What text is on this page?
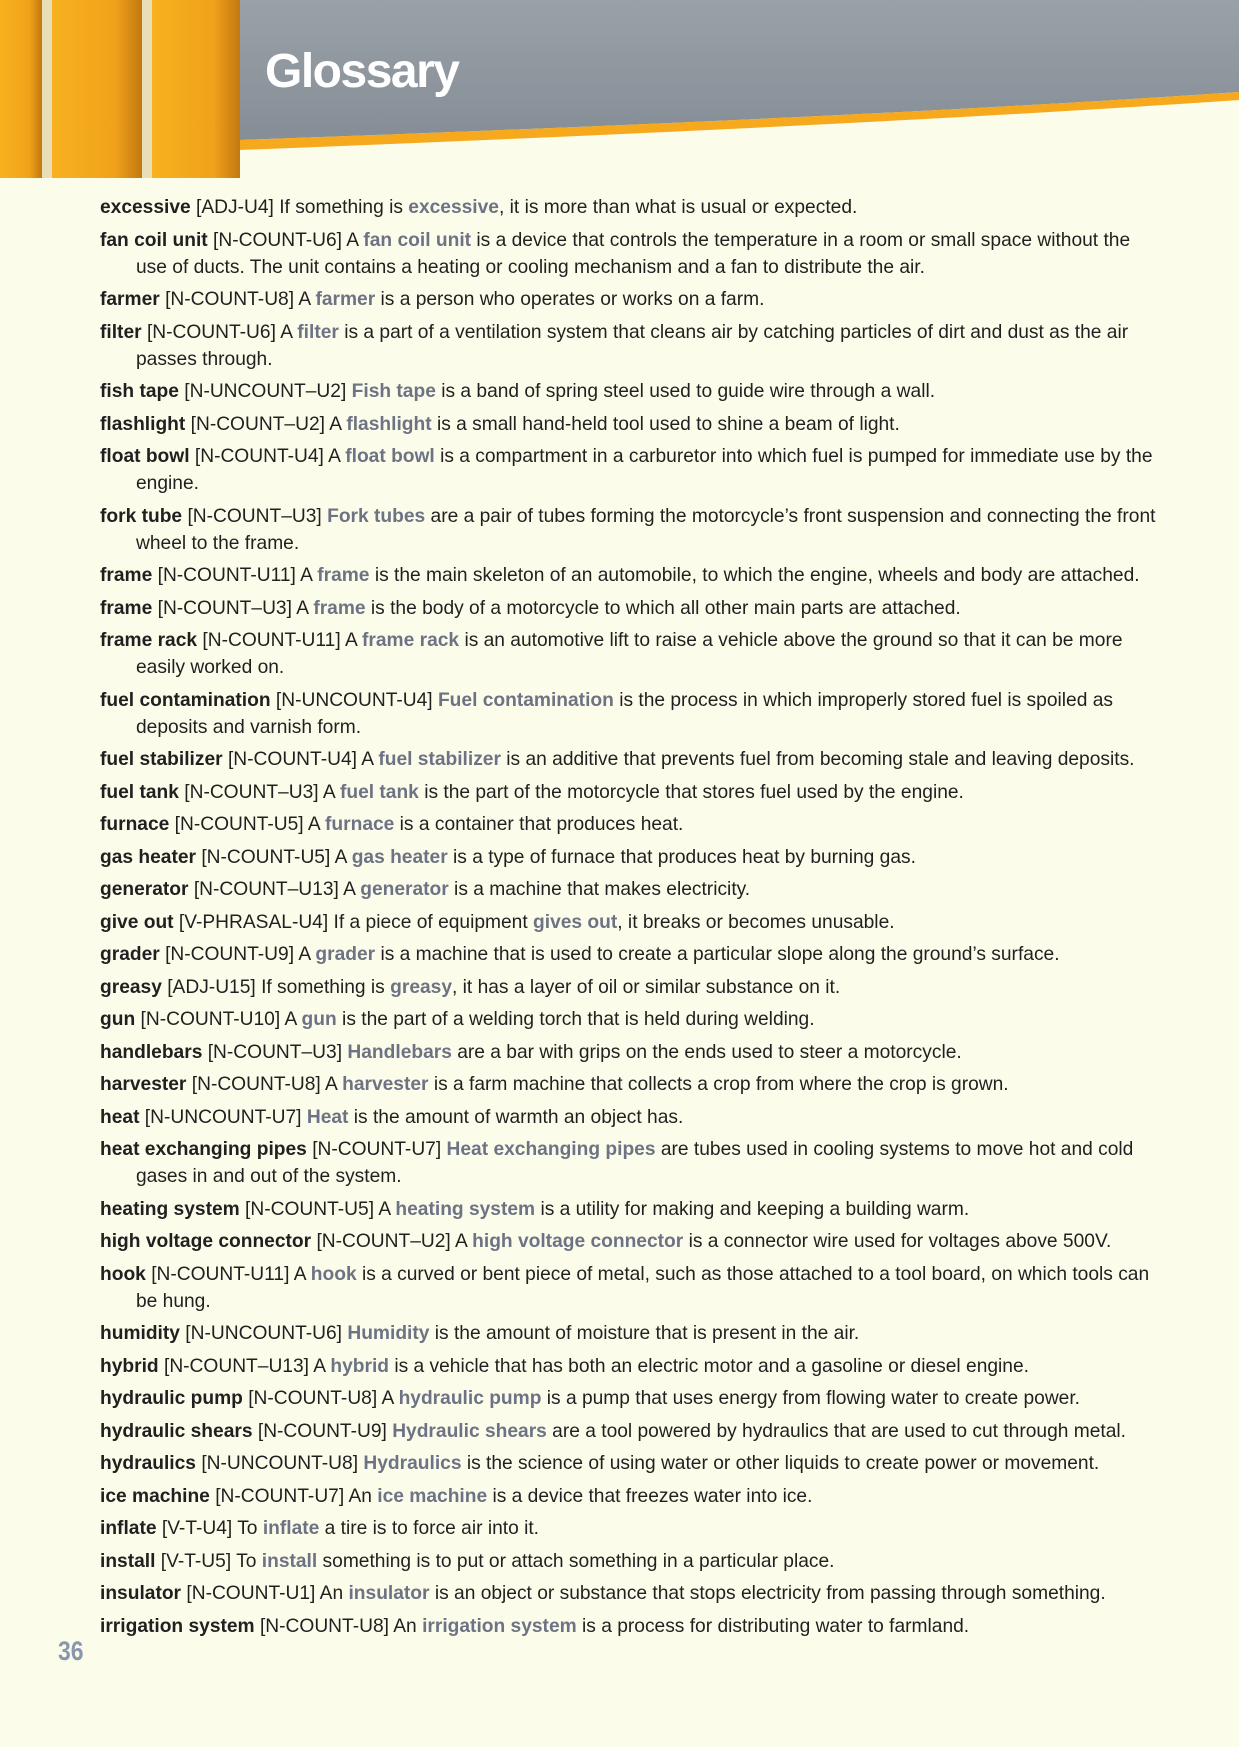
Glossary

excessive [ADJ-U4] If something is excessive, it is more than what is usual or expected.

fan coil unit [N-COUNT-U6] A fan coil unit is a device that controls the temperature in a room or small space without the use of ducts. The unit contains a heating or cooling mechanism and a fan to distribute the air.

farmer [N-COUNT-U8] A farmer is a person who operates or works on a farm.

filter [N-COUNT-U6] A filter is a part of a ventilation system that cleans air by catching particles of dirt and dust as the air passes through.

fish tape [N-UNCOUNT–U2] Fish tape is a band of spring steel used to guide wire through a wall.

flashlight [N-COUNT–U2] A flashlight is a small hand-held tool used to shine a beam of light.

float bowl [N-COUNT-U4] A float bowl is a compartment in a carburetor into which fuel is pumped for immediate use by the engine.

fork tube [N-COUNT–U3] Fork tubes are a pair of tubes forming the motorcycle’s front suspension and connecting the front wheel to the frame.

frame [N-COUNT-U11] A frame is the main skeleton of an automobile, to which the engine, wheels and body are attached.

frame [N-COUNT–U3] A frame is the body of a motorcycle to which all other main parts are attached.

frame rack [N-COUNT-U11] A frame rack is an automotive lift to raise a vehicle above the ground so that it can be more easily worked on.

fuel contamination [N-UNCOUNT-U4] Fuel contamination is the process in which improperly stored fuel is spoiled as deposits and varnish form.

fuel stabilizer [N-COUNT-U4] A fuel stabilizer is an additive that prevents fuel from becoming stale and leaving deposits.

fuel tank [N-COUNT–U3] A fuel tank is the part of the motorcycle that stores fuel used by the engine.

furnace [N-COUNT-U5] A furnace is a container that produces heat.

gas heater [N-COUNT-U5] A gas heater is a type of furnace that produces heat by burning gas.

generator [N-COUNT–U13] A generator is a machine that makes electricity.

give out [V-PHRASAL-U4] If a piece of equipment gives out, it breaks or becomes unusable.

grader [N-COUNT-U9] A grader is a machine that is used to create a particular slope along the ground’s surface.

greasy [ADJ-U15] If something is greasy, it has a layer of oil or similar substance on it.

gun [N-COUNT-U10] A gun is the part of a welding torch that is held during welding.

handlebars [N-COUNT–U3] Handlebars are a bar with grips on the ends used to steer a motorcycle.

harvester [N-COUNT-U8] A harvester is a farm machine that collects a crop from where the crop is grown.

heat [N-UNCOUNT-U7] Heat is the amount of warmth an object has.

heat exchanging pipes [N-COUNT-U7] Heat exchanging pipes are tubes used in cooling systems to move hot and cold gases in and out of the system.

heating system [N-COUNT-U5] A heating system is a utility for making and keeping a building warm.

high voltage connector [N-COUNT–U2] A high voltage connector is a connector wire used for voltages above 500V.

hook [N-COUNT-U11] A hook is a curved or bent piece of metal, such as those attached to a tool board, on which tools can be hung.

humidity [N-UNCOUNT-U6] Humidity is the amount of moisture that is present in the air.

hybrid [N-COUNT–U13] A hybrid is a vehicle that has both an electric motor and a gasoline or diesel engine.

hydraulic pump [N-COUNT-U8] A hydraulic pump is a pump that uses energy from flowing water to create power.

hydraulic shears [N-COUNT-U9] Hydraulic shears are a tool powered by hydraulics that are used to cut through metal.

hydraulics [N-UNCOUNT-U8] Hydraulics is the science of using water or other liquids to create power or movement.

ice machine [N-COUNT-U7] An ice machine is a device that freezes water into ice.

inflate [V-T-U4] To inflate a tire is to force air into it.

install [V-T-U5] To install something is to put or attach something in a particular place.

insulator [N-COUNT-U1] An insulator is an object or substance that stops electricity from passing through something.

irrigation system [N-COUNT-U8] An irrigation system is a process for distributing water to farmland.

36
